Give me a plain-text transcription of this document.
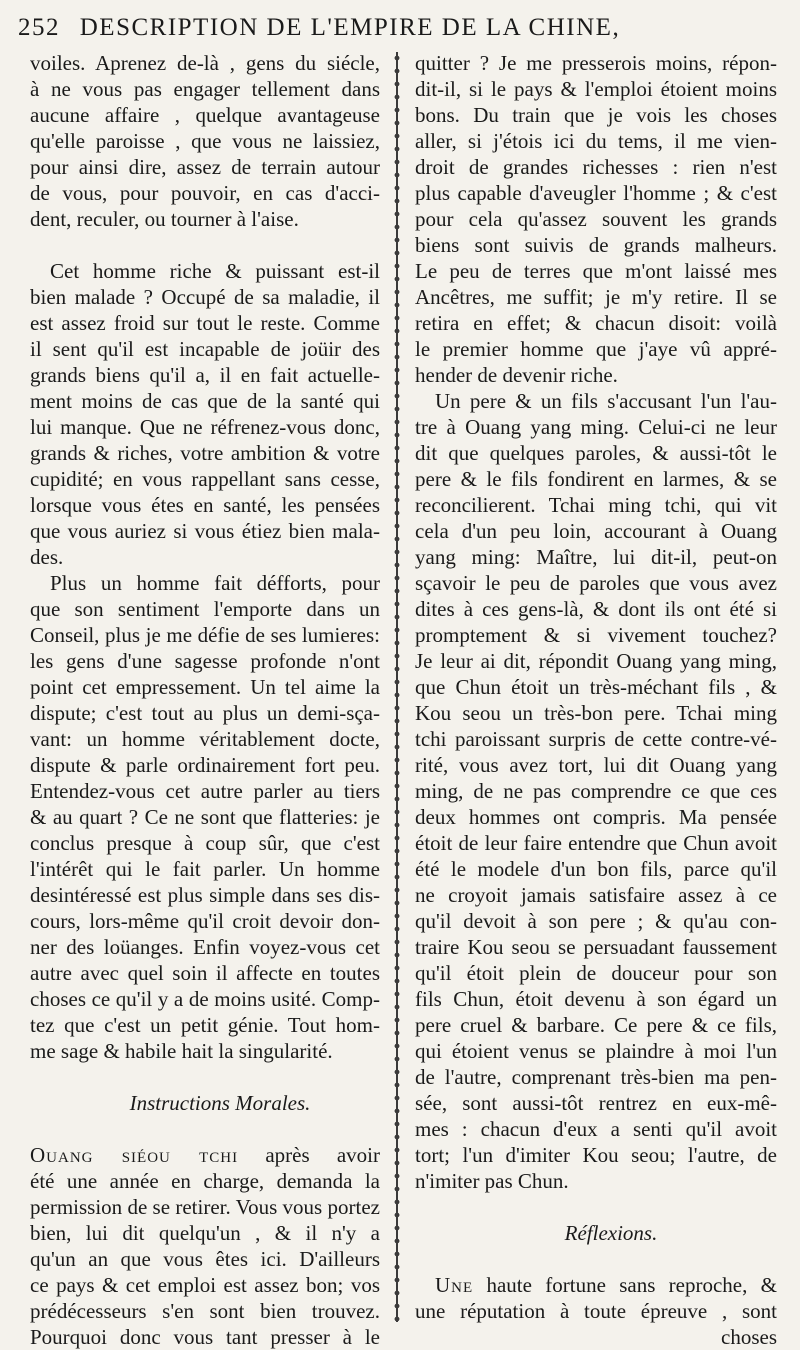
252 DESCRIPTION DE L'EMPIRE DE LA CHINE,
voiles. Aprenez de-là , gens du siécle,
à ne vous pas engager tellement dans
aucune affaire , quelque avantageuse
qu'elle paroisse , que vous ne laissiez,
pour ainsi dire, assez de terrain autour
de vous, pour pouvoir, en cas d'acci-
dent, reculer, ou tourner à l'aise.
Cet homme riche & puissant est-il
bien malade ? Occupé de sa maladie, il
est assez froid sur tout le reste. Comme
il sent qu'il est incapable de joüir des
grands biens qu'il a, il en fait actuelle-
ment moins de cas que de la santé qui
lui manque. Que ne réfrenez-vous donc,
grands & riches, votre ambition & votre
cupidité; en vous rappellant sans cesse,
lorsque vous étes en santé, les pensées
que vous auriez si vous étiez bien mala-
des.
Plus un homme fait défforts, pour
que son sentiment l'emporte dans un
Conseil, plus je me défie de ses lumieres:
les gens d'une sagesse profonde n'ont
point cet empressement. Un tel aime la
dispute; c'est tout au plus un demi-sça-
vant: un homme véritablement docte,
dispute & parle ordinairement fort peu.
Entendez-vous cet autre parler au tiers
& au quart ? Ce ne sont que flatteries: je
conclus presque à coup sûr, que c'est
l'intérêt qui le fait parler. Un homme
desintéressé est plus simple dans ses dis-
cours, lors-même qu'il croit devoir don-
ner des loüanges. Enfin voyez-vous cet
autre avec quel soin il affecte en toutes
choses ce qu'il y a de moins usité. Comp-
tez que c'est un petit génie. Tout hom-
me sage & habile hait la singularité.
Instructions Morales.
Ouang siéou tchi après avoir
été une année en charge, demanda la
permission de se retirer. Vous vous portez
bien, lui dit quelqu'un , & il n'y a
qu'un an que vous êtes ici. D'ailleurs
ce pays & cet emploi est assez bon; vos
prédécesseurs s'en sont bien trouvez.
Pourquoi donc vous tant presser à le
quitter ? Je me presserois moins, répon-
dit-il, si le pays & l'emploi étoient moins
bons. Du train que je vois les choses
aller, si j'étois ici du tems, il me vien-
droit de grandes richesses : rien n'est
plus capable d'aveugler l'homme ; & c'est
pour cela qu'assez souvent les grands
biens sont suivis de grands malheurs.
Le peu de terres que m'ont laissé mes
Ancêtres, me suffit; je m'y retire. Il se
retira en effet; & chacun disoit: voilà
le premier homme que j'aye vû appré-
hender de devenir riche.
Un pere & un fils s'accusant l'un l'au-
tre à Ouang yang ming. Celui-ci ne leur
dit que quelques paroles, & aussi-tôt le
pere & le fils fondirent en larmes, & se
reconcilierent. Tchai ming tchi, qui vit
cela d'un peu loin, accourant à Ouang
yang ming: Maître, lui dit-il, peut-on
sçavoir le peu de paroles que vous avez
dites à ces gens-là, & dont ils ont été si
promptement & si vivement touchez?
Je leur ai dit, répondit Ouang yang ming,
que Chun étoit un très-méchant fils , &
Kou seou un très-bon pere. Tchai ming
tchi paroissant surpris de cette contre-vé-
rité, vous avez tort, lui dit Ouang yang
ming, de ne pas comprendre ce que ces
deux hommes ont compris. Ma pensée
étoit de leur faire entendre que Chun avoit
été le modele d'un bon fils, parce qu'il
ne croyoit jamais satisfaire assez à ce
qu'il devoit à son pere ; & qu'au con-
traire Kou seou se persuadant faussement
qu'il étoit plein de douceur pour son
fils Chun, étoit devenu à son égard un
pere cruel & barbare. Ce pere & ce fils,
qui étoient venus se plaindre à moi l'un
de l'autre, comprenant très-bien ma pen-
sée, sont aussi-tôt rentrez en eux-mê-
mes : chacun d'eux a senti qu'il avoit
tort; l'un d'imiter Kou seou; l'autre, de
n'imiter pas Chun.
Réflexions.
Une haute fortune sans reproche, &
une réputation à toute épreuve , sont
choses
